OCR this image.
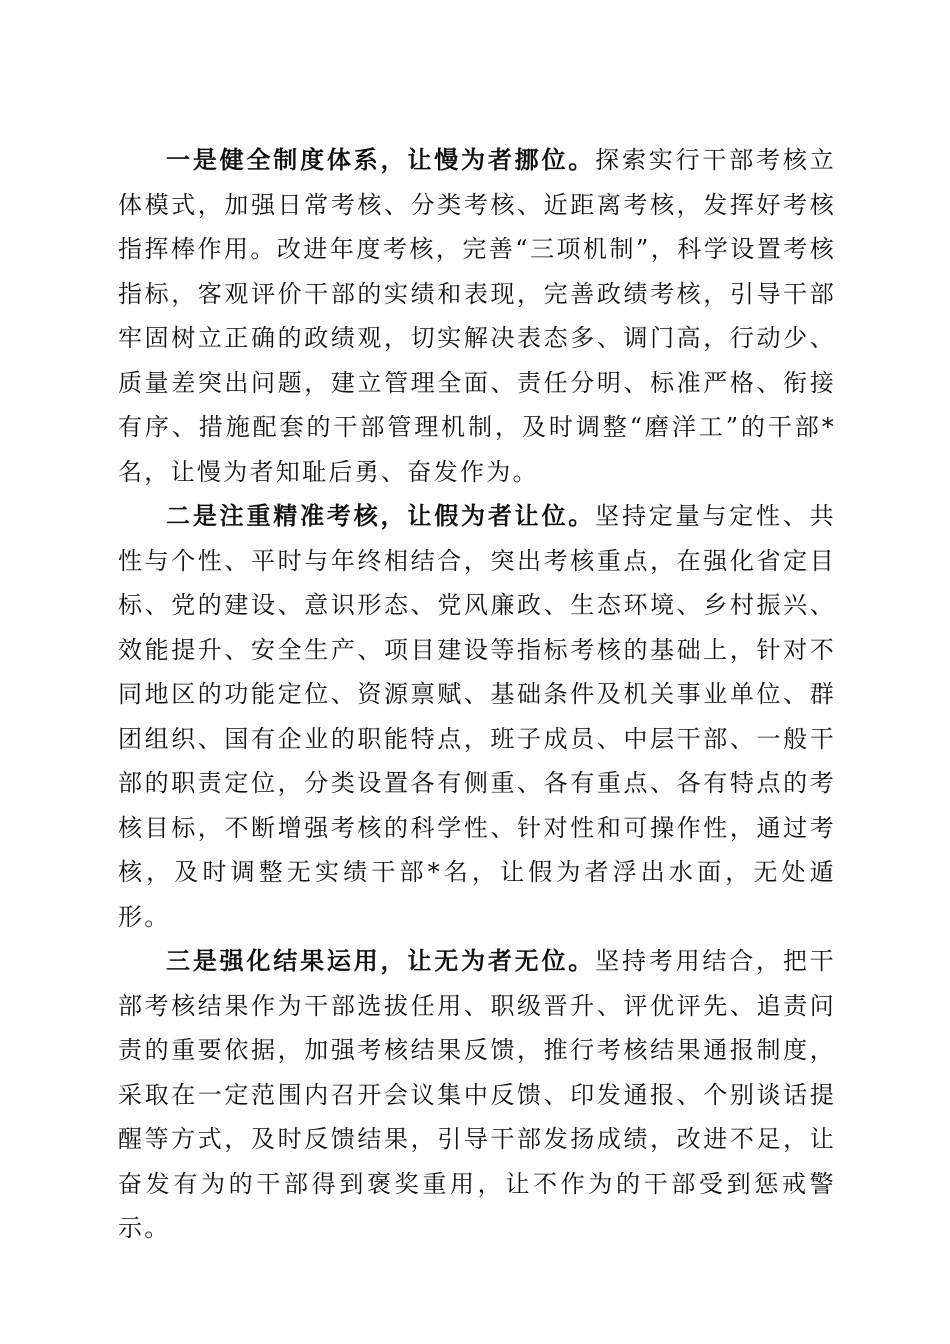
一是健全制度体系，让慢为者挪位。探索实行干部考核立体模式，加强日常考核、分类考核、近距离考核，发挥好考核指挥棒作用。改进年度考核，完善“三项机制”，科学设置考核指标，客观评价干部的实绩和表现，完善政绩考核，引导干部牢固树立正确的政绩观，切实解决表态多、调门高，行动少、质量差突出问题，建立管理全面、责任分明、标准严格、衔接有序、措施配套的干部管理机制，及时调整“磨洋工”的干部*名，让慢为者知耻后勇、奋发作为。

二是注重精准考核，让假为者让位。坚持定量与定性、共性与个性、平时与年终相结合，突出考核重点，在强化省定目标、党的建设、意识形态、党风廉政、生态环境、乡村振兴、效能提升、安全生产、项目建设等指标考核的基础上，针对不同地区的功能定位、资源禀赋、基础条件及机关事业单位、群团组织、国有企业的职能特点，班子成员、中层干部、一般干部的职责定位，分类设置各有侧重、各有重点、各有特点的考核目标，不断增强考核的科学性、针对性和可操作性，通过考核，及时调整无实绩干部*名，让假为者浮出水面，无处遁形。

三是强化结果运用，让无为者无位。坚持考用结合，把干部考核结果作为干部选拔任用、职级晋升、评优评先、追责问责的重要依据，加强考核结果反馈，推行考核结果通报制度，采取在一定范围内召开会议集中反馈、印发通报、个别谈话提醒等方式，及时反馈结果，引导干部发扬成绩，改进不足，让奋发有为的干部得到褒奖重用，让不作为的干部受到惩戒警示。
